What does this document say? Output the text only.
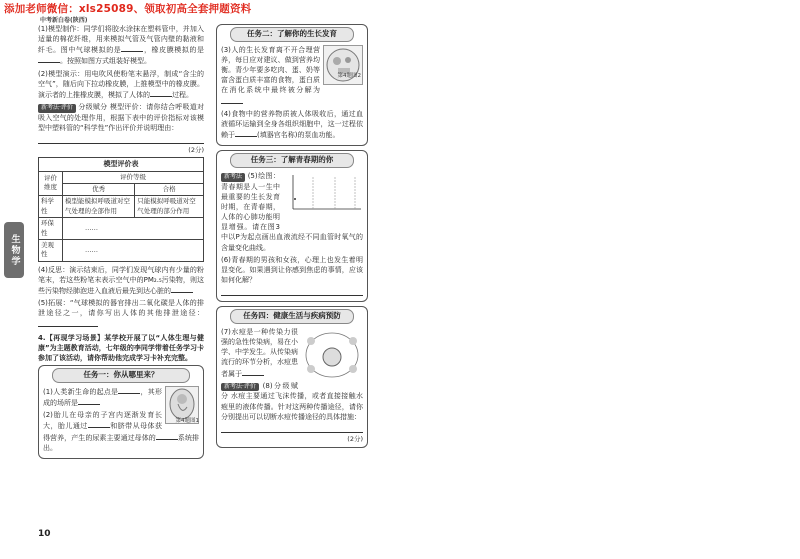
添加老师微信：xls25089、领取初高全套押题资料
中考新白卷(陕西)
生物学
10
(1)模型制作：同学们将胶水涂抹在塑料管中，并加入适量的棉花纤维，用来模拟气管及气管内壁的黏液和纤毛。图中气球模拟的是	，橡皮膜模拟的是。按照如图方式组装好模型。
(2)模型演示：用电吹风使粉笔末悬浮，制成“含尘的空气”，随后向下拉动橡皮膜，上推模型中的橡皮膜。演示者的上推橡皮膜，模拟了人体的	过程。
新考法·评价 分级赋分 模型评价：请你结合呼吸道对吸入空气的处理作用，根据下表中的评价指标对该模型中塑料管的“科学性”作出评价并说明理由：
(2分)
模型评价表
评价维度	评价等级	
	优秀	合格
科学性	模型能模拟呼吸道对空气处理的全部作用	只能模拟呼吸道对空气处理的部分作用
环保性	……	
美观性	……	
(4)反思：演示结束后，同学们发现气球内有少量的粉笔末，若这些粉笔末表示空气中的PM₂.₅污染物，则这些污染物经肺泡进入血液后最先到达心脏的
(5)拓展：“气球模拟的器官排出二氧化碳是人体的排泄途径之一，请你写出人体的其他排泄途径：
4.【再现学习场景】某学校开展了以“人体生理与健康”为主题教育活动，七年级的李同学带着任务学习卡参加了该活动，请你帮助他完成学习卡补充完整。
任务一：你从哪里来？
(1)人类新生命的起点是	，其形成的场所是
(2)胎儿在母亲的子宫内逐渐发育长大，胎儿通过	和脐带从母体获得营养，产生的尿素主要通过母体的	系统排出。
第4题图1
任务二：了解你的生长发育
(3)人的生长发育离不开合理营养，每日应对建议、做到营养均衡。青少年要多吃肉、蛋、奶等富含蛋白质丰富的食物，蛋白质在消化系统中最终被分解为
第4题图2
(4)食物中的营养物质被人体吸收后，通过血液循环运输到全身各组织细胞中，这一过程依赖于	(填器官名称)的泵血功能。
任务三：了解青春期的你
新考法 (5)绘图：青春期是人一生中最重要的生长发育时期，在青春期，人体的心肺功能明显增强。请在图3中以P为起点画出血液流经不同血管时氧气的含量变化曲线。
(6)青春期的男孩和女孩，心理上也发生着明显变化。如果遇到让你感到焦虑的事情，应该如何化解？
任务四：健康生活与疾病预防
(7)水痘是一种传染力很强的急性传染病，易在小学、中学发生。从传染病流行的环节分析，水痘患者属于
新考法·评价 (8)分级赋分 水痘主要通过飞沫传播，或者直接接触水疱里的液体传播。针对这两种传播途径，请你分别提出可以切断水痘传播途径的具体措施：
(2分)
